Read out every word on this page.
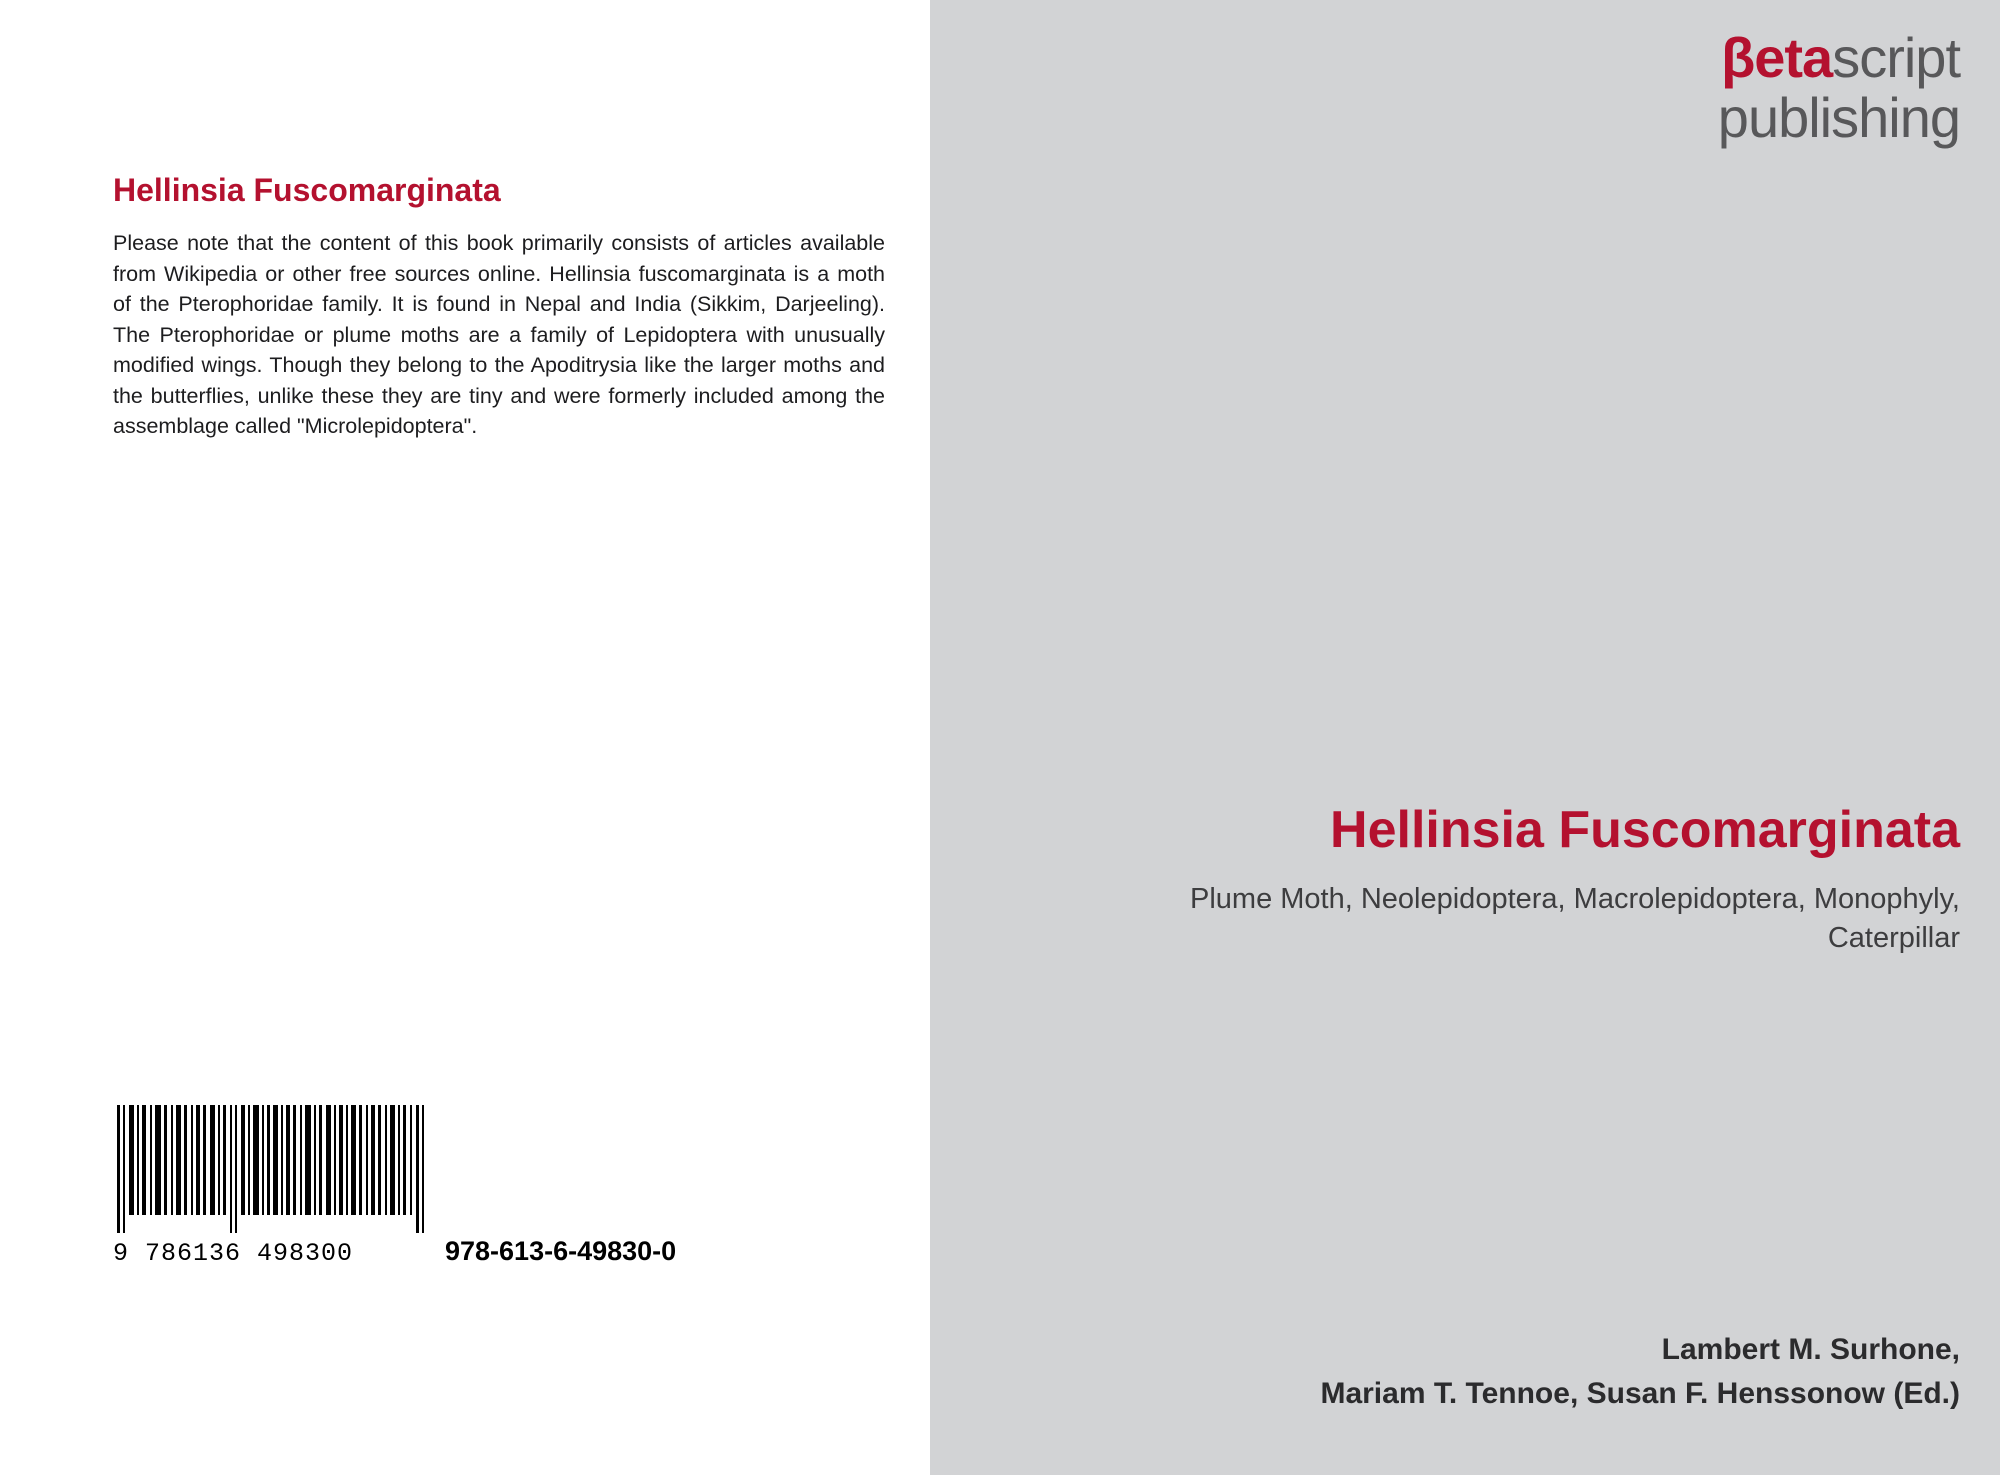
Hellinsia Fuscomarginata
Please note that the content of this book primarily consists of articles available from Wikipedia or other free sources online. Hellinsia fuscomarginata is a moth of the Pterophoridae family. It is found in Nepal and India (Sikkim, Darjeeling). The Pterophoridae or plume moths are a family of Lepidoptera with unusually modified wings. Though they belong to the Apoditrysia like the larger moths and the butterflies, unlike these they are tiny and were formerly included among the assemblage called "Microlepidoptera".
9 786136 498300	978-613-6-49830-0
βetascript
publishing
Hellinsia Fuscomarginata
Plume Moth, Neolepidoptera, Macrolepidoptera, Monophyly, Caterpillar
Lambert M. Surhone,
Mariam T. Tennoe, Susan F. Henssonow (Ed.)
